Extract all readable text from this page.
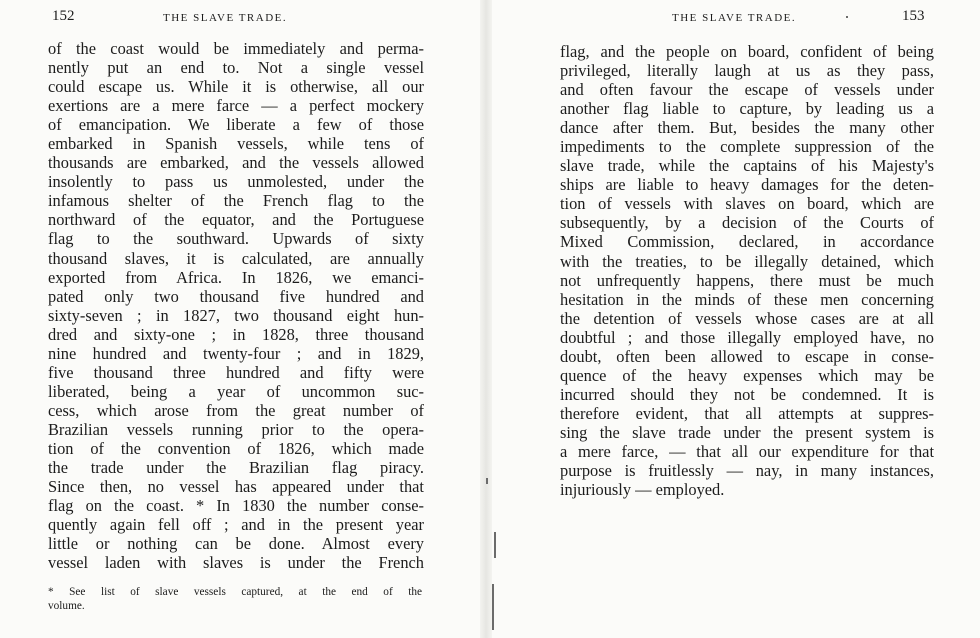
152	THE SLAVE TRADE.
of the coast would be immediately and perma-
nently put an end to. Not a single vessel
could escape us. While it is otherwise, all our
exertions are a mere farce — a perfect mockery
of emancipation. We liberate a few of those
embarked in Spanish vessels, while tens of
thousands are embarked, and the vessels allowed
insolently to pass us unmolested, under the
infamous shelter of the French flag to the
northward of the equator, and the Portuguese
flag to the southward. Upwards of sixty
thousand slaves, it is calculated, are annually
exported from Africa. In 1826, we emanci-
pated only two thousand five hundred and
sixty-seven ; in 1827, two thousand eight hun-
dred and sixty-one ; in 1828, three thousand
nine hundred and twenty-four ; and in 1829,
five thousand three hundred and fifty were
liberated, being a year of uncommon suc-
cess, which arose from the great number of
Brazilian vessels running prior to the opera-
tion of the convention of 1826, which made
the trade under the Brazilian flag piracy.
Since then, no vessel has appeared under that
flag on the coast. * In 1830 the number conse-
quently again fell off ; and in the present year
little or nothing can be done. Almost every
vessel laden with slaves is under the French
* See list of slave vessels captured, at the end of the
volume.
THE SLAVE TRADE.	153
flag, and the people on board, confident of being
privileged, literally laugh at us as they pass,
and often favour the escape of vessels under
another flag liable to capture, by leading us a
dance after them. But, besides the many other
impediments to the complete suppression of the
slave trade, while the captains of his Majesty's
ships are liable to heavy damages for the deten-
tion of vessels with slaves on board, which are
subsequently, by a decision of the Courts of
Mixed Commission, declared, in accordance
with the treaties, to be illegally detained, which
not unfrequently happens, there must be much
hesitation in the minds of these men concerning
the detention of vessels whose cases are at all
doubtful ; and those illegally employed have, no
doubt, often been allowed to escape in conse-
quence of the heavy expenses which may be
incurred should they not be condemned. It is
therefore evident, that all attempts at suppres-
sing the slave trade under the present system is
a mere farce, — that all our expenditure for that
purpose is fruitlessly — nay, in many instances,
injuriously — employed.
